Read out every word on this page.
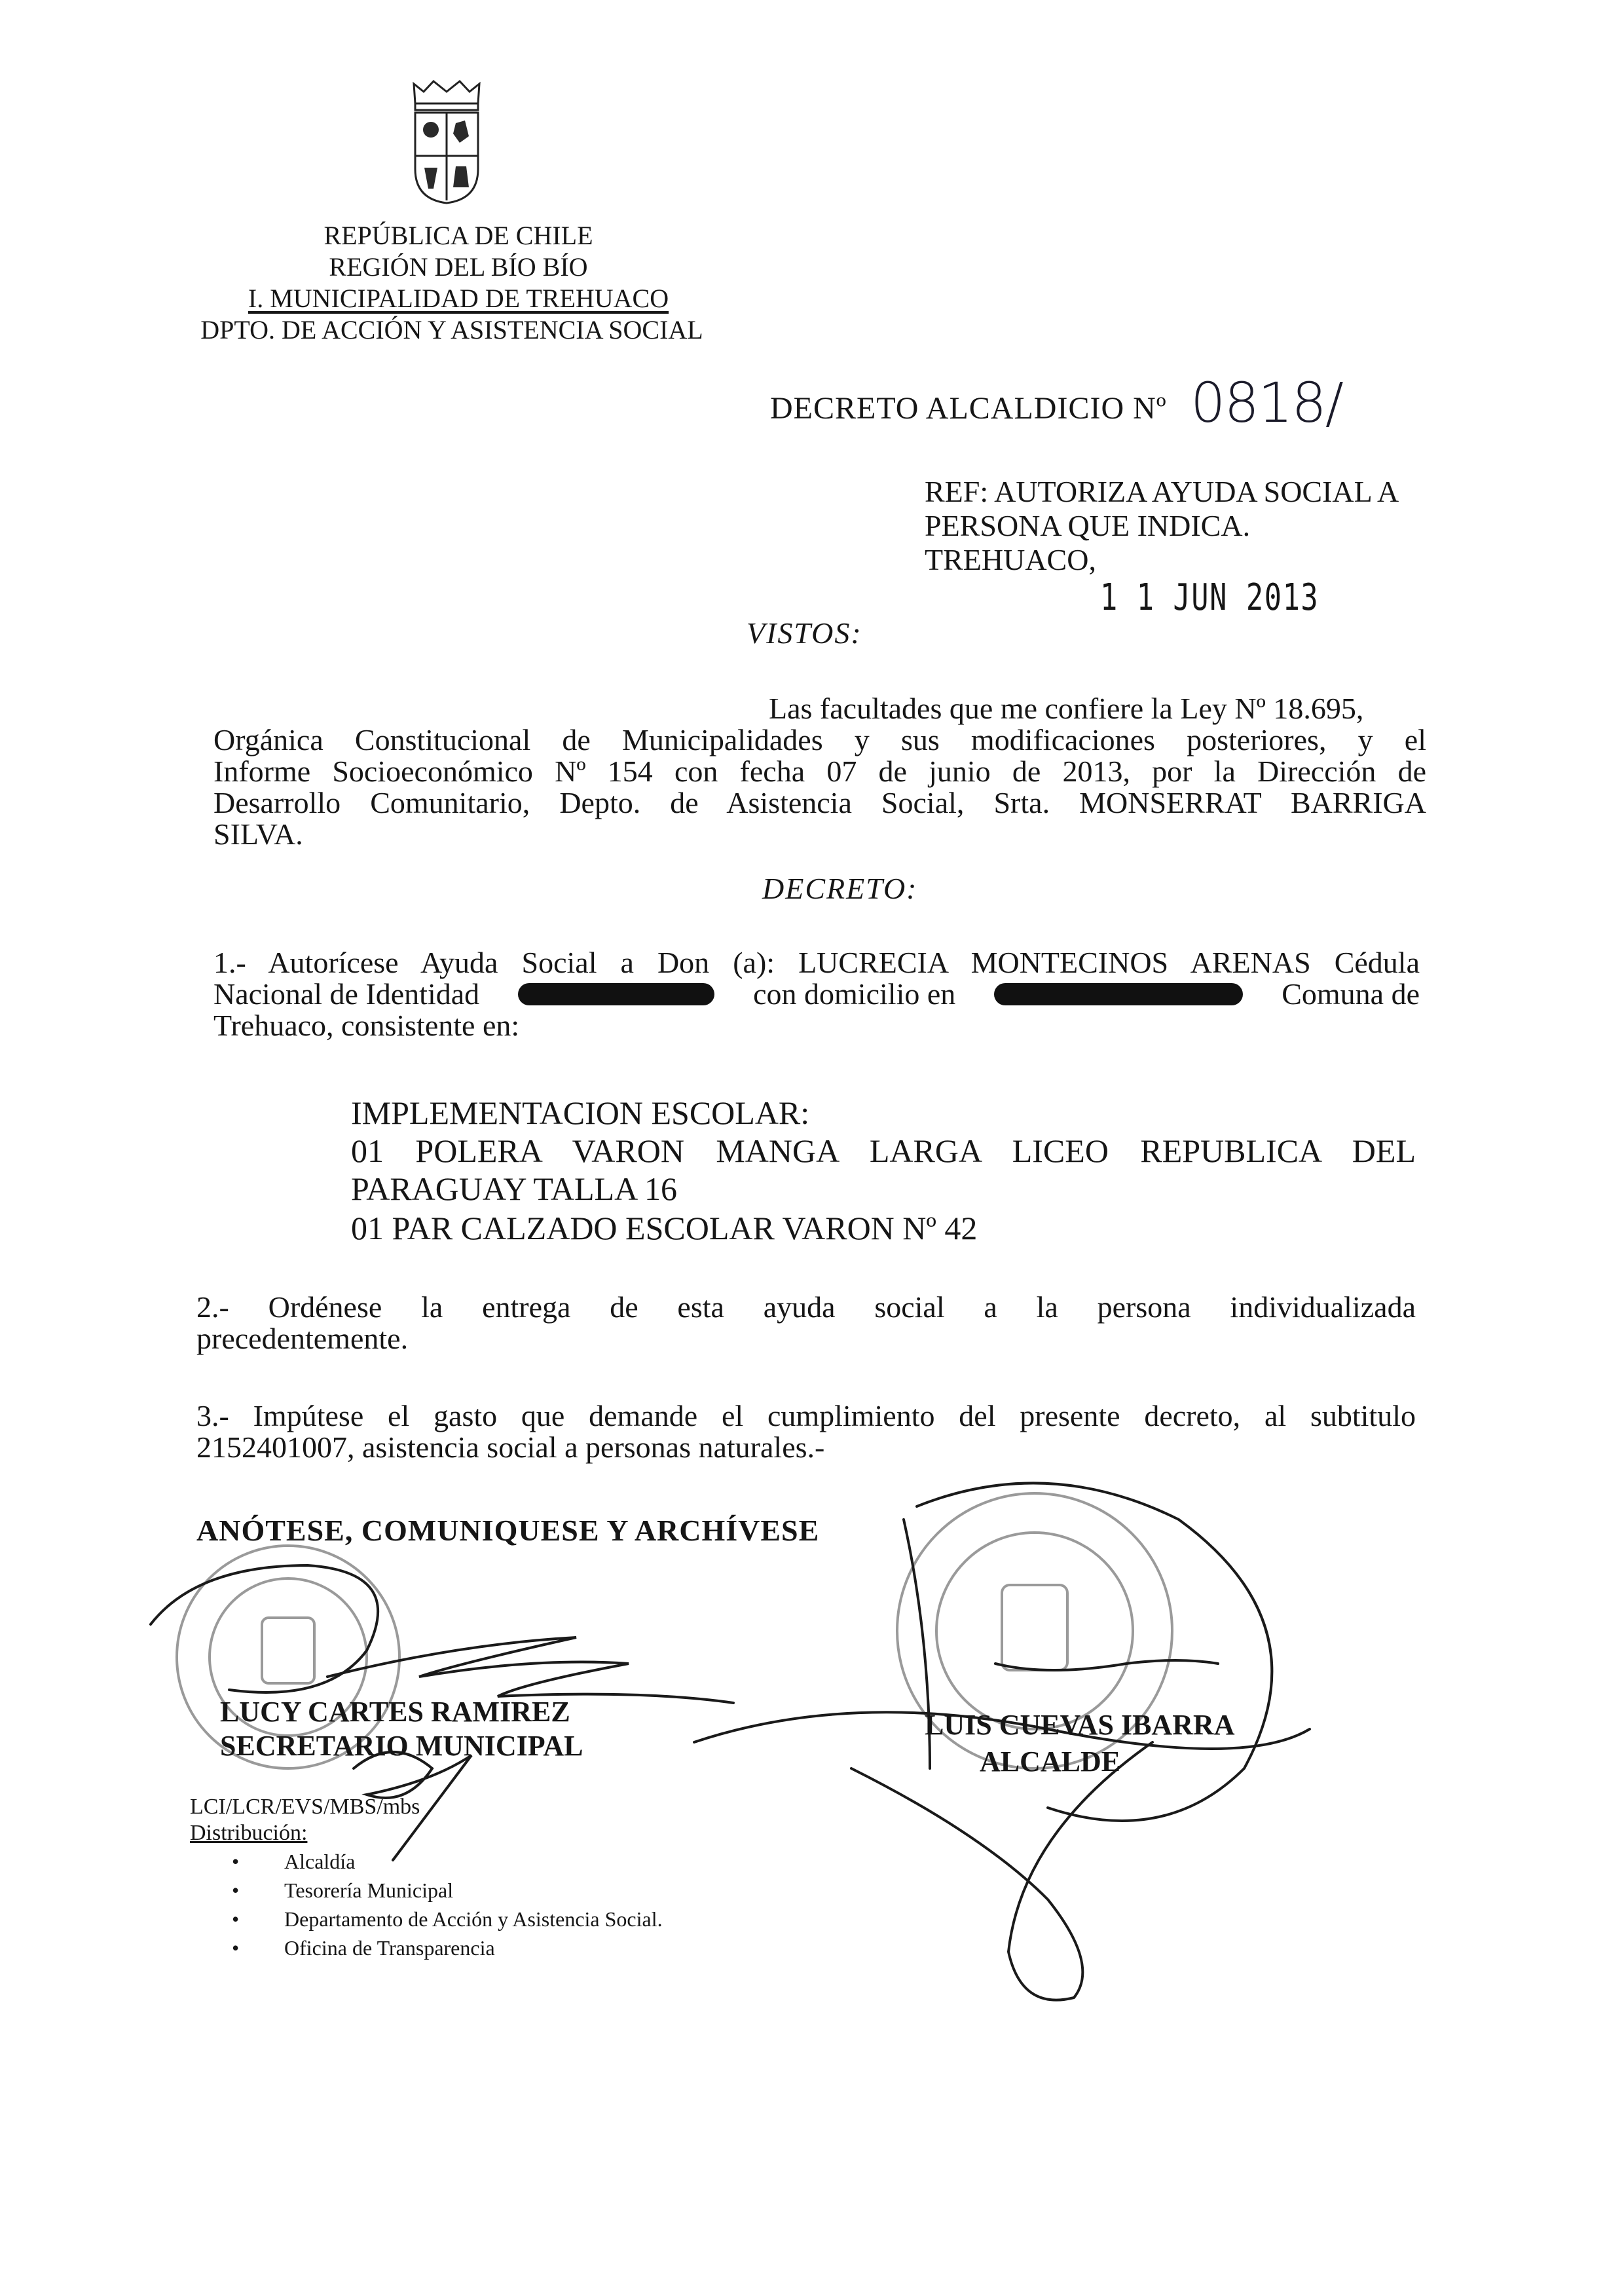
REPÚBLICA DE CHILE
REGIÓN DEL BÍO BÍO
I. MUNICIPALIDAD DE TREHUACO
DPTO. DE ACCIÓN Y ASISTENCIA SOCIAL
DECRETO ALCALDICIO Nº 0818/
REF: AUTORIZA AYUDA SOCIAL A
PERSONA QUE INDICA.
TREHUACO,
1 1 JUN 2013
VISTOS:
Las facultades que me confiere la Ley Nº 18.695,
Orgánica Constitucional de Municipalidades y sus modificaciones posteriores, y el
Informe Socioeconómico Nº 154 con fecha 07 de junio de 2013, por la Dirección de
Desarrollo Comunitario, Depto. de Asistencia Social, Srta. MONSERRAT BARRIGA
SILVA.
DECRETO:
1.- Autorícese Ayuda Social a Don (a): LUCRECIA MONTECINOS ARENAS Cédula
Nacional de Identidad	con domicilio en	Comuna de
Trehuaco, consistente en:
IMPLEMENTACION ESCOLAR:
01 POLERA VARON MANGA LARGA LICEO REPUBLICA DEL
PARAGUAY TALLA 16
01 PAR CALZADO ESCOLAR VARON Nº 42
2.- Ordénese la entrega de esta ayuda social a la persona individualizada
precedentemente.
3.- Impútese el gasto que demande el cumplimiento del presente decreto, al subtitulo
2152401007, asistencia social a personas naturales.-
ANÓTESE, COMUNIQUESE Y ARCHÍVESE
LUCY CARTES RAMIREZ
SECRETARIO MUNICIPAL
LUIS CUEVAS IBARRA
ALCALDE
LCI/LCR/EVS/MBS/mbs
Distribución:
• Alcaldía
• Tesorería Municipal
• Departamento de Acción y Asistencia Social.
• Oficina de Transparencia
